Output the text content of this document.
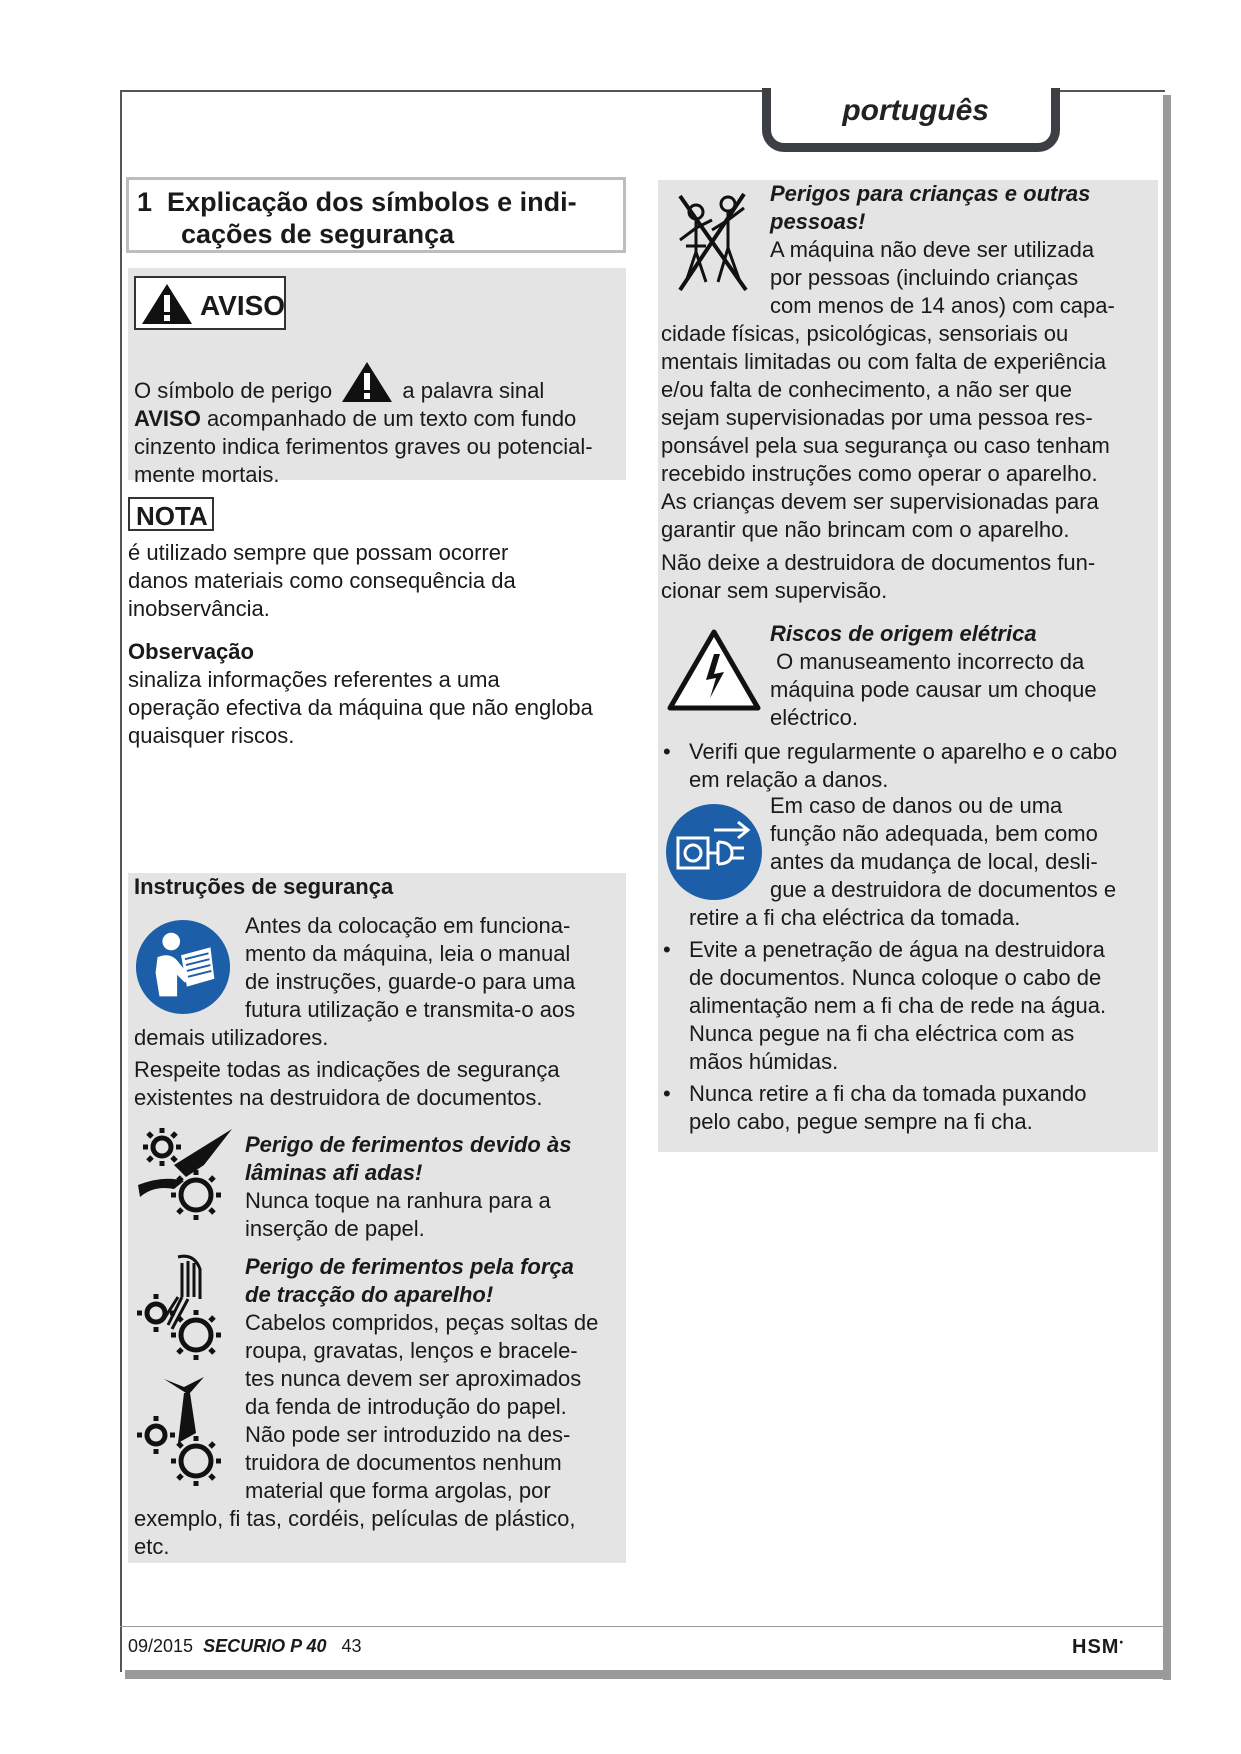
português
1 Explicação dos símbolos e indi-
cações de segurança
AVISO

O símbolo de perigo	a palavra sinal

AVISO acompanhado de um texto com fundo

cinzento indica ferimentos graves ou potencial-

mente mortais.

NOTA

é utilizado sempre que possam ocorrer

danos materiais como consequência da

inobservância.

Observação

sinaliza informações referentes a uma

operação efectiva da máquina que não engloba

quaisquer riscos.

Instruções de segurança

Antes da colocação em funciona-

mento da máquina, leia o manual

de instruções, guarde-o para uma

futura utilização e transmita-o aos

demais utilizadores.

Respeite todas as indicações de segurança

existentes na destruidora de documentos.

Perigo de ferimentos devido às

lâminas afi adas!

Nunca toque na ranhura para a

inserção de papel.

Perigo de ferimentos pela força

de tracção do aparelho!

Cabelos compridos, peças soltas de

roupa, gravatas, lenços e bracele-

tes nunca devem ser aproximados

da fenda de introdução do papel.

Não pode ser introduzido na des-

truidora de documentos nenhum

material que forma argolas, por

exemplo, fi tas, cordéis, películas de plástico,

etc.

Perigos para crianças e outras

pessoas!

A máquina não deve ser utilizada

por pessoas (incluindo crianças

com menos de 14 anos) com capa-

cidade físicas, psicológicas, sensoriais ou

mentais limitadas ou com falta de experiência

e/ou falta de conhecimento, a não ser que

sejam supervisionadas por uma pessoa res-

ponsável pela sua segurança ou caso tenham

recebido instruções como operar o aparelho.

As crianças devem ser supervisionadas para

garantir que não brincam com o aparelho.

Não deixe a destruidora de documentos fun-

cionar sem supervisão.

Riscos de origem elétrica

O manuseamento incorrecto da

máquina pode causar um choque

eléctrico.

• Verifi que regularmente o aparelho e o cabo

em relação a danos.

Em caso de danos ou de uma

função não adequada, bem como

antes da mudança de local, desli-

gue a destruidora de documentos e

retire a fi cha eléctrica da tomada.

• Evite a penetração de água na destruidora

de documentos. Nunca coloque o cabo de

alimentação nem a fi cha de rede na água.

Nunca pegue na fi cha eléctrica com as

mãos húmidas.

• Nunca retire a fi cha da tomada puxando

pelo cabo, pegue sempre na fi cha.

09/2015 SECURIO P 40 43	HSM•
